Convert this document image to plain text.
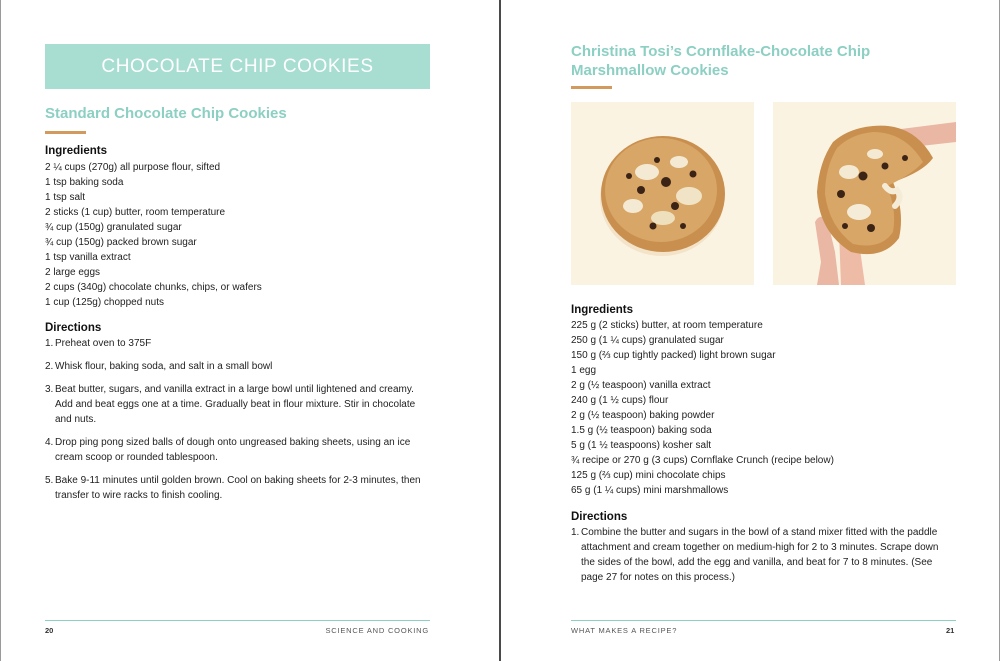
CHOCOLATE CHIP COOKIES
Standard Chocolate Chip Cookies
Ingredients
2 ¼ cups (270g) all purpose flour, sifted
1 tsp baking soda
1 tsp salt
2 sticks (1 cup) butter, room temperature
¾ cup (150g) granulated sugar
¾ cup (150g) packed brown sugar
1 tsp vanilla extract
2 large eggs
2 cups (340g) chocolate chunks, chips, or wafers
1 cup (125g) chopped nuts
Directions
1. Preheat oven to 375F
2. Whisk flour, baking soda, and salt in a small bowl
3. Beat butter, sugars, and vanilla extract in a large bowl until lightened and creamy. Add and beat eggs one at a time. Gradually beat in flour mixture. Stir in chocolate and nuts.
4. Drop ping pong sized balls of dough onto ungreased baking sheets, using an ice cream scoop or rounded tablespoon.
5. Bake 9-11 minutes until golden brown. Cool on baking sheets for 2-3 minutes, then transfer to wire racks to finish cooling.
20	SCIENCE AND COOKING
Christina Tosi’s Cornflake-Chocolate Chip
Marshmallow Cookies
Ingredients
225 g (2 sticks) butter, at room temperature
250 g (1 ¼ cups) granulated sugar
150 g (⅔ cup tightly packed) light brown sugar
1 egg
2 g (½ teaspoon) vanilla extract
240 g (1 ½ cups) flour
2 g (½ teaspoon) baking powder
1.5 g (½ teaspoon) baking soda
5 g (1 ½ teaspoons) kosher salt
¾ recipe or 270 g (3 cups) Cornflake Crunch (recipe below)
125 g (⅔ cup) mini chocolate chips
65 g (1 ¼ cups) mini marshmallows
Directions
1. Combine the butter and sugars in the bowl of a stand mixer fitted with the paddle attachment and cream together on medium-high for 2 to 3 minutes. Scrape down the sides of the bowl, add the egg and vanilla, and beat for 7 to 8 minutes. (See page 27 for notes on this process.)
WHAT MAKES A RECIPE?	21
